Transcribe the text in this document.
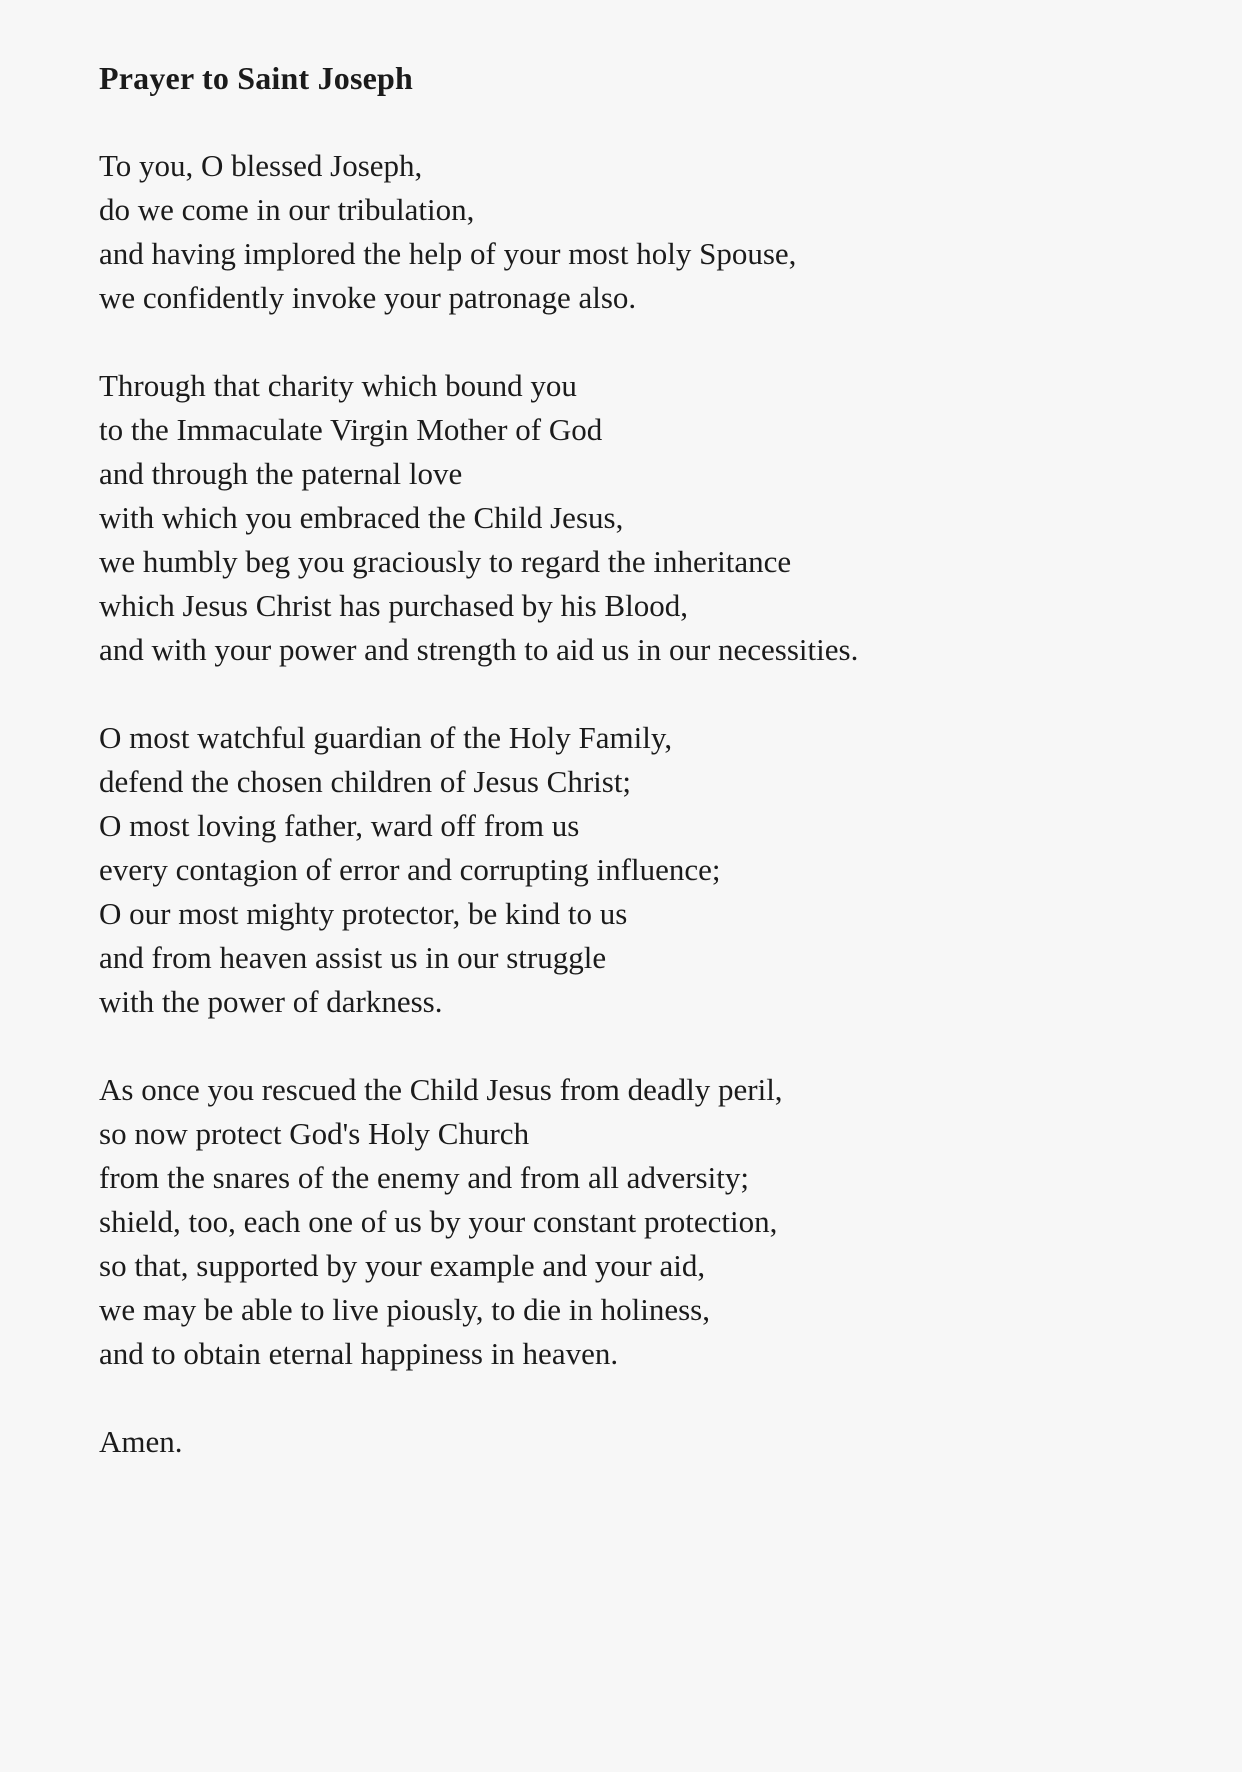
Prayer to Saint Joseph

To you, O blessed Joseph,

do we come in our tribulation,

and having implored the help of your most holy Spouse,

we confidently invoke your patronage also.

Through that charity which bound you

to the Immaculate Virgin Mother of God

and through the paternal love

with which you embraced the Child Jesus,

we humbly beg you graciously to regard the inheritance

which Jesus Christ has purchased by his Blood,

and with your power and strength to aid us in our necessities.

O most watchful guardian of the Holy Family,

defend the chosen children of Jesus Christ;

O most loving father, ward off from us

every contagion of error and corrupting influence;

O our most mighty protector, be kind to us

and from heaven assist us in our struggle

with the power of darkness.

As once you rescued the Child Jesus from deadly peril,

so now protect God's Holy Church

from the snares of the enemy and from all adversity;

shield, too, each one of us by your constant protection,

so that, supported by your example and your aid,

we may be able to live piously, to die in holiness,

and to obtain eternal happiness in heaven.

Amen.
